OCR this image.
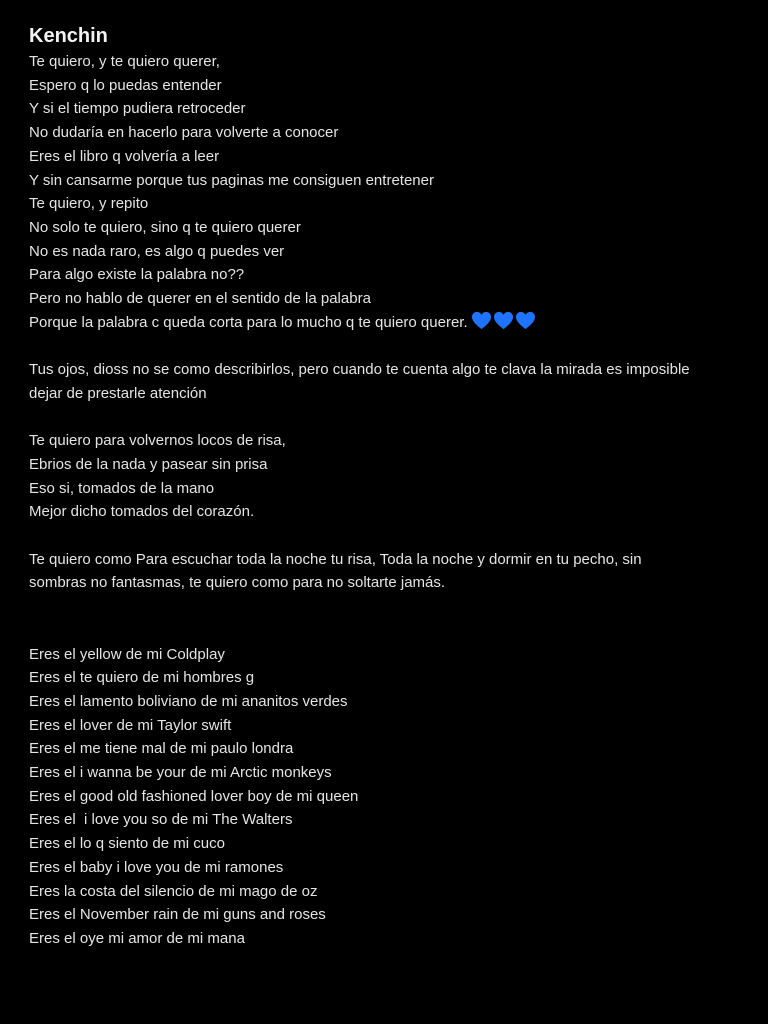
Kenchin
Te quiero, y te quiero querer,
Espero q lo puedas entender
Y si el tiempo pudiera retroceder
No dudaría en hacerlo para volverte a conocer
Eres el libro q volvería a leer
Y sin cansarme porque tus paginas me consiguen entretener
Te quiero, y repito
No solo te quiero, sino q te quiero querer
No es nada raro, es algo q puedes ver
Para algo existe la palabra no??
Pero no hablo de querer en el sentido de la palabra
Porque la palabra c queda corta para lo mucho q te quiero querer.
Tus ojos, dioss no se como describirlos, pero cuando te cuenta algo te clava la mirada es imposible
dejar de prestarle atención
Te quiero para volvernos locos de risa,
Ebrios de la nada y pasear sin prisa
Eso si, tomados de la mano
Mejor dicho tomados del corazón.
Te quiero como Para escuchar toda la noche tu risa, Toda la noche y dormir en tu pecho, sin
sombras no fantasmas, te quiero como para no soltarte jamás.
Eres el yellow de mi Coldplay
Eres el te quiero de mi hombres g
Eres el lamento boliviano de mi ananitos verdes
Eres el lover de mi Taylor swift
Eres el me tiene mal de mi paulo londra
Eres el i wanna be your de mi Arctic monkeys
Eres el good old fashioned lover boy de mi queen
Eres el  i love you so de mi The Walters
Eres el lo q siento de mi cuco
Eres el baby i love you de mi ramones
Eres la costa del silencio de mi mago de oz
Eres el November rain de mi guns and roses
Eres el oye mi amor de mi mana
